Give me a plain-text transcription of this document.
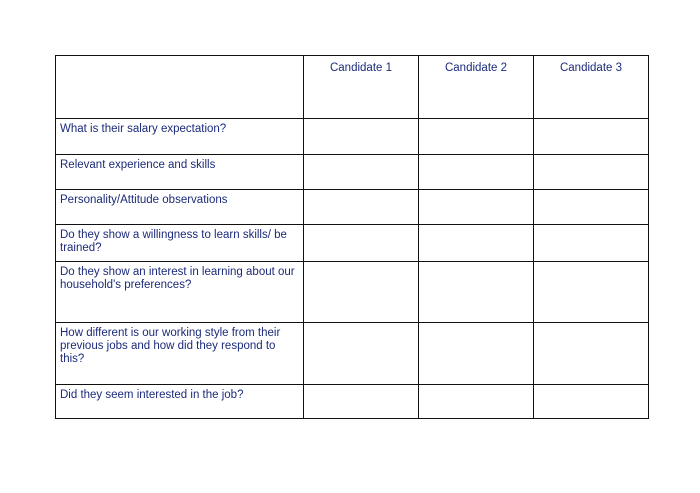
	Candidate 1	Candidate 2	Candidate 3

What is their salary expectation?			

Relevant experience and skills			

Personality/Attitude observations			

Do they show a willingness to learn skills/ be trained?			

Do they show an interest in learning about our household's preferences?			

How different is our working style from their previous jobs and how did they respond to this?			

Did they seem interested in the job?			
